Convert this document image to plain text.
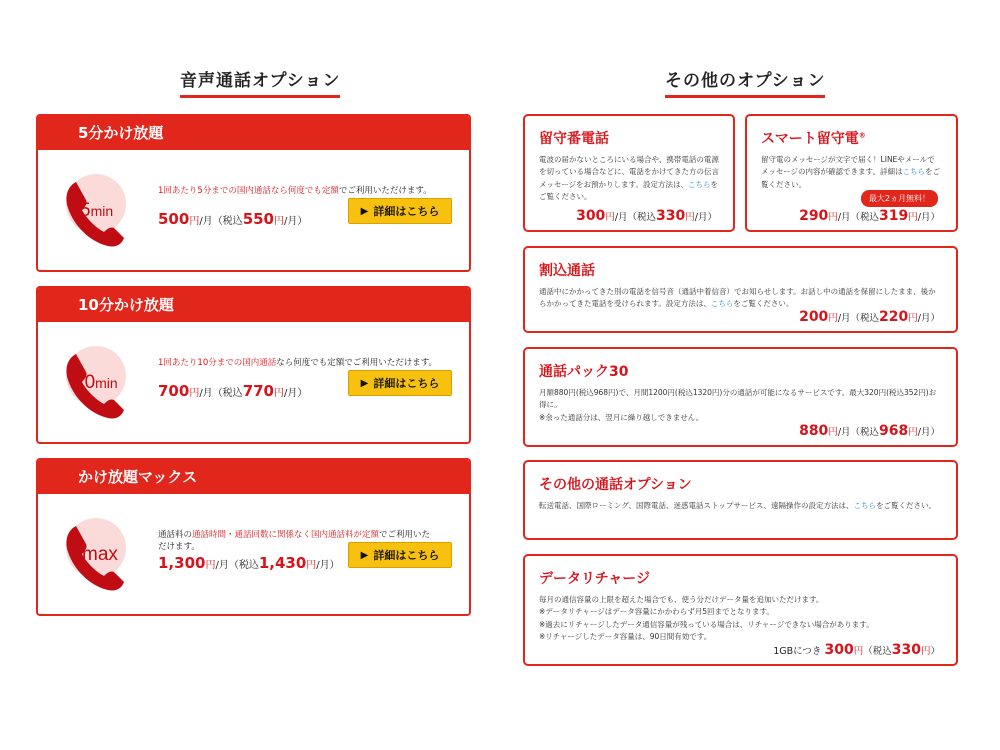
音声通話オプション	その他のオプション
5分かけ放題
5min
1回あたり5分までの国内通話なら何度でも定額でご利用いただけます。
500円/月（税込550円/月）
▶ 詳細はこちら
10分かけ放題
10min
1回あたり10分までの国内通話なら何度でも定額でご利用いただけます。
700円/月（税込770円/月）
▶ 詳細はこちら
かけ放題マックス
max
通話料の通話時間・通話回数に関係なく国内通話料が定額でご利用いただけます。
1,300円/月（税込1,430円/月）
▶ 詳細はこちら
留守番電話
電波の届かないところにいる場合や、携帯電話の電源を切っている場合などに、電話をかけてきた方の伝言メッセージをお預かりします。設定方法は、こちらをご覧ください。
300円/月（税込330円/月）
スマート留守電®
留守電のメッセージが文字で届く！LINEやメールでメッセージの内容が確認できます。詳細はこちらをご覧ください。
最大2ヵ月無料！
290円/月（税込319円/月）
割込通話
通話中にかかってきた別の電話を信号音（通話中着信音）でお知らせします。お話し中の通話を保留にしたまま、後からかかってきた電話を受けられます。設定方法は、こちらをご覧ください。
200円/月（税込220円/月）
通話パック30
月額880円(税込968円)で、月間1200円(税込1320円)分の通話が可能になるサービスです。最大320円(税込352円)お得に。
※余った通話分は、翌月に繰り越しできません。
880円/月（税込968円/月）
その他の通話オプション
転送電話、国際ローミング、国際電話、迷惑電話ストップサービス、遠隔操作の設定方法は、こちらをご覧ください。
データリチャージ
毎月の通信容量の上限を超えた場合でも、使う分だけデータ量を追加いただけます。
※データリチャージはデータ容量にかかわらず月5回までとなります。
※過去にリチャージしたデータ通信容量が残っている場合は、リチャージできない場合があります。
※リチャージしたデータ容量は、90日間有効です。
1GBにつき 300円（税込330円）
